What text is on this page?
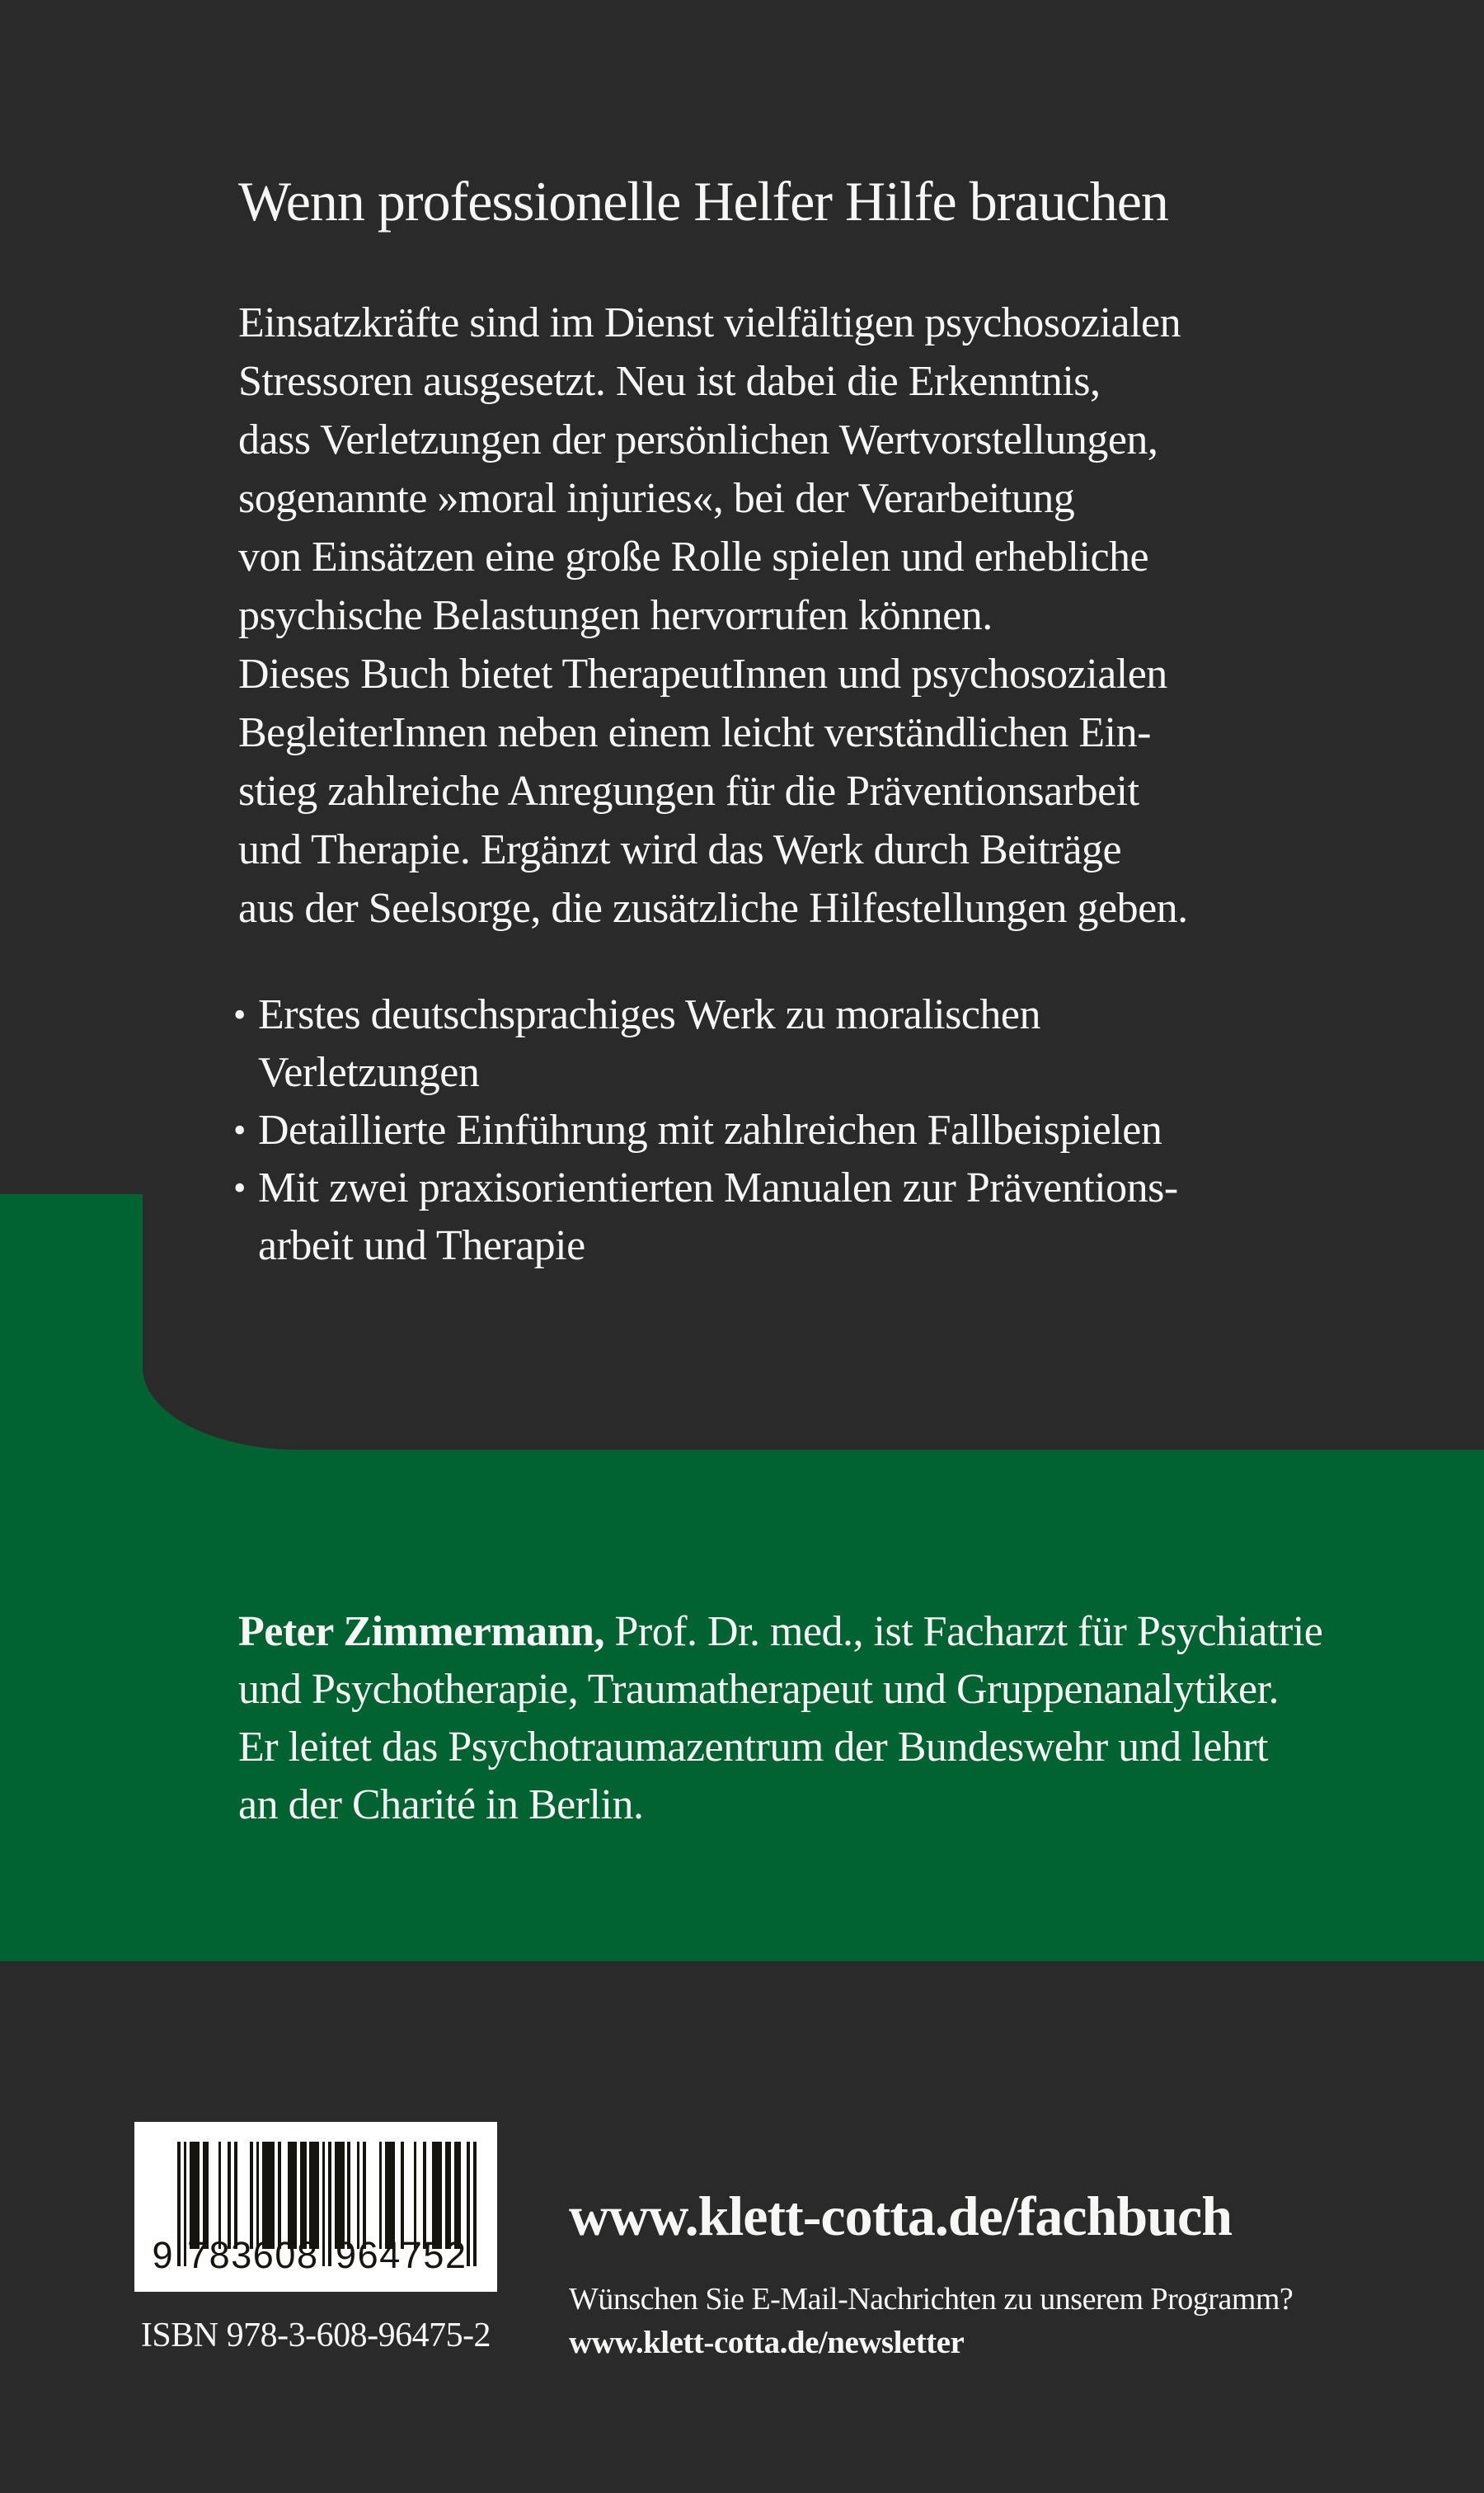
Wenn professionelle Helfer Hilfe brauchen
Einsatzkräfte sind im Dienst vielfältigen psychosozialen
Stressoren ausgesetzt. Neu ist dabei die Erkenntnis,
dass Verletzungen der persönlichen Wertvorstellungen,
sogenannte »moral injuries«, bei der Verarbeitung
von Einsätzen eine große Rolle spielen und erhebliche
psychische Belastungen hervorrufen können.
Dieses Buch bietet TherapeutInnen und psychosozialen
BegleiterInnen neben einem leicht verständlichen Ein-
stieg zahlreiche Anregungen für die Präventionsarbeit
und Therapie. Ergänzt wird das Werk durch Beiträge
aus der Seelsorge, die zusätzliche Hilfestellungen geben.
• Erstes deutschsprachiges Werk zu moralischen
Verletzungen
• Detaillierte Einführung mit zahlreichen Fallbeispielen
• Mit zwei praxisorientierten Manualen zur Präventions-
arbeit und Therapie
Peter Zimmermann, Prof. Dr. med., ist Facharzt für Psychiatrie
und Psychotherapie, Traumatherapeut und Gruppenanalytiker.
Er leitet das Psychotraumazentrum der Bundeswehr und lehrt
an der Charité in Berlin.
9 7 8 3 6 0 8 9 6 4 7 5 2
ISBN 978-3-608-96475-2
www.klett-cotta.de/fachbuch
Wünschen Sie E-Mail-Nachrichten zu unserem Programm?
www.klett-cotta.de/newsletter
